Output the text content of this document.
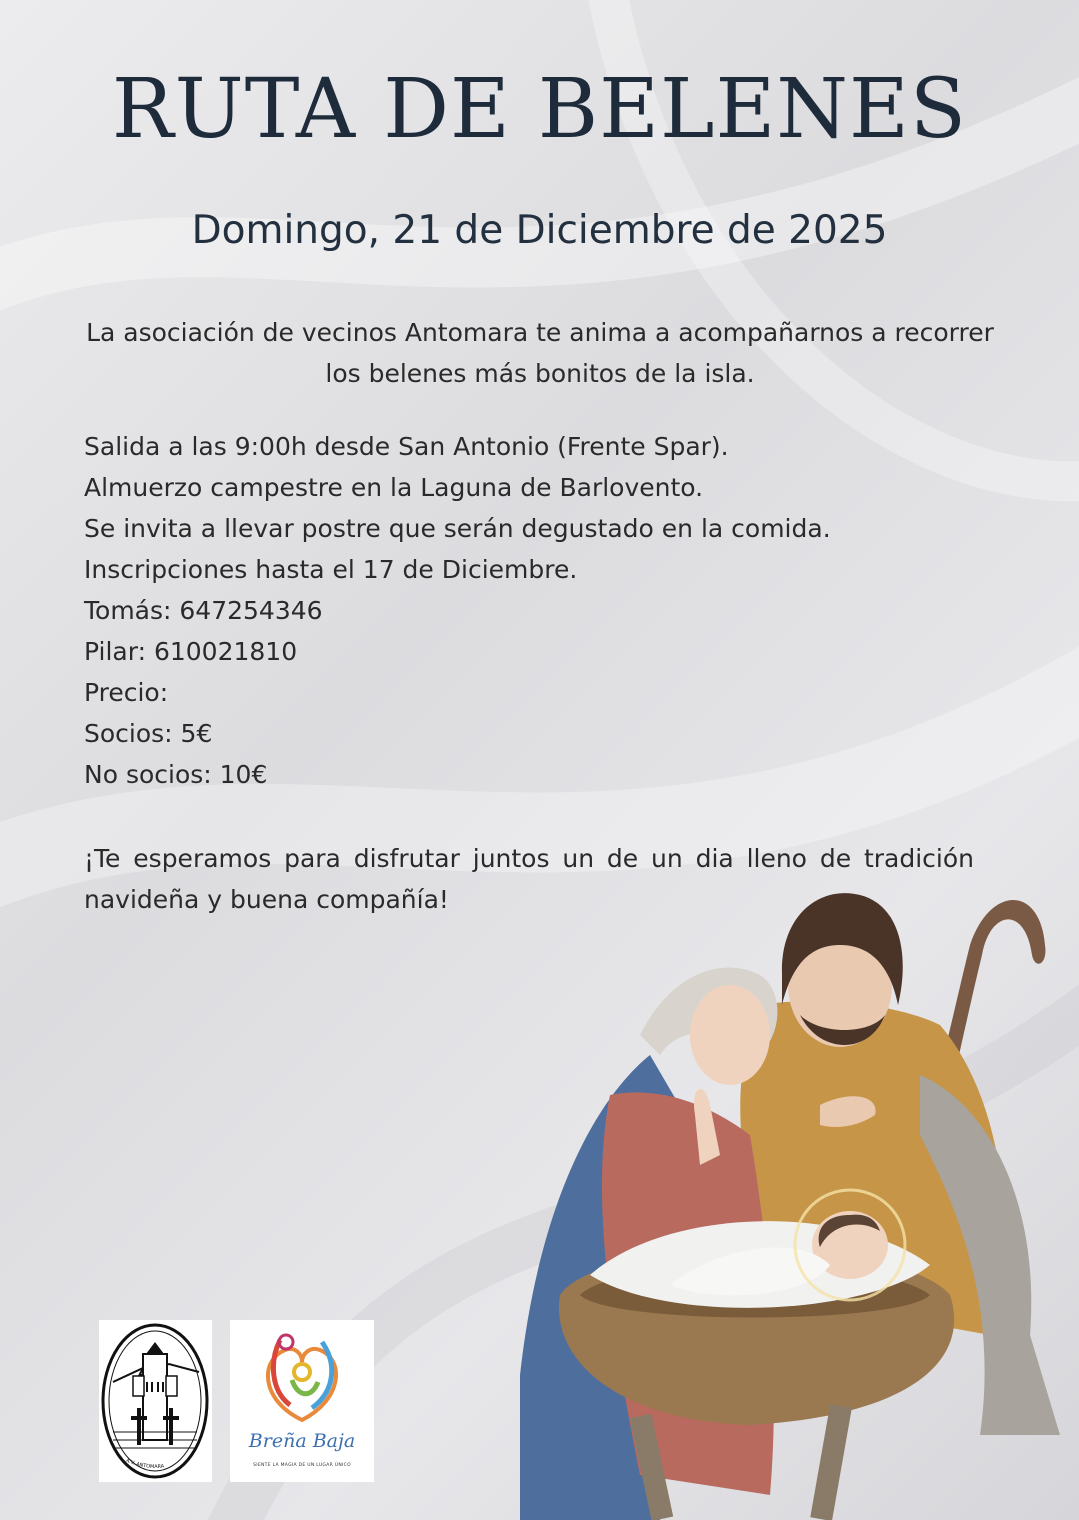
RUTA DE BELENES

Domingo, 21 de Diciembre de 2025

La asociación de vecinos Antomara te anima a acompañarnos a recorrer los belenes más bonitos de la isla.

Salida a las 9:00h desde San Antonio (Frente Spar).
Almuerzo campestre en la Laguna de Barlovento.
Se invita a llevar postre que serán degustado en la comida.
Inscripciones hasta el 17 de Diciembre.
Tomás: 647254346
Pilar: 610021810
Precio:
Socios: 5€
No socios: 10€

¡Te esperamos para disfrutar juntos un de un dia lleno de tradición navideña y buena compañía!

A.V. ANTOMARA
Breña Baja
SIENTE LA MAGIA DE UN LUGAR ÚNICO
